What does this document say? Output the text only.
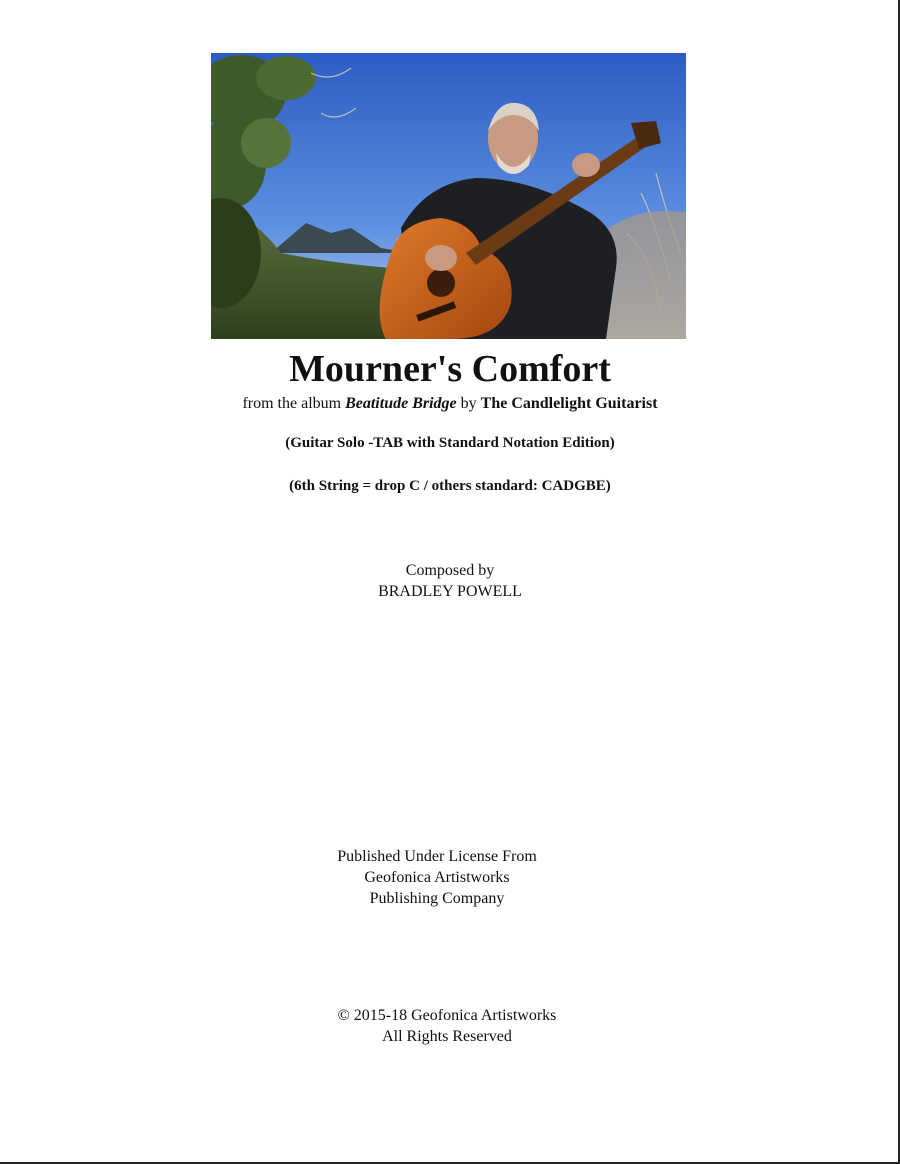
Mourner's Comfort
from the album Beatitude Bridge by The Candlelight Guitarist
(Guitar Solo -TAB with Standard Notation Edition)
(6th String = drop C / others standard: CADGBE)
Composed by
BRADLEY POWELL
Published Under License From
Geofonica Artistworks
Publishing Company
© 2015-18 Geofonica Artistworks
All Rights Reserved
